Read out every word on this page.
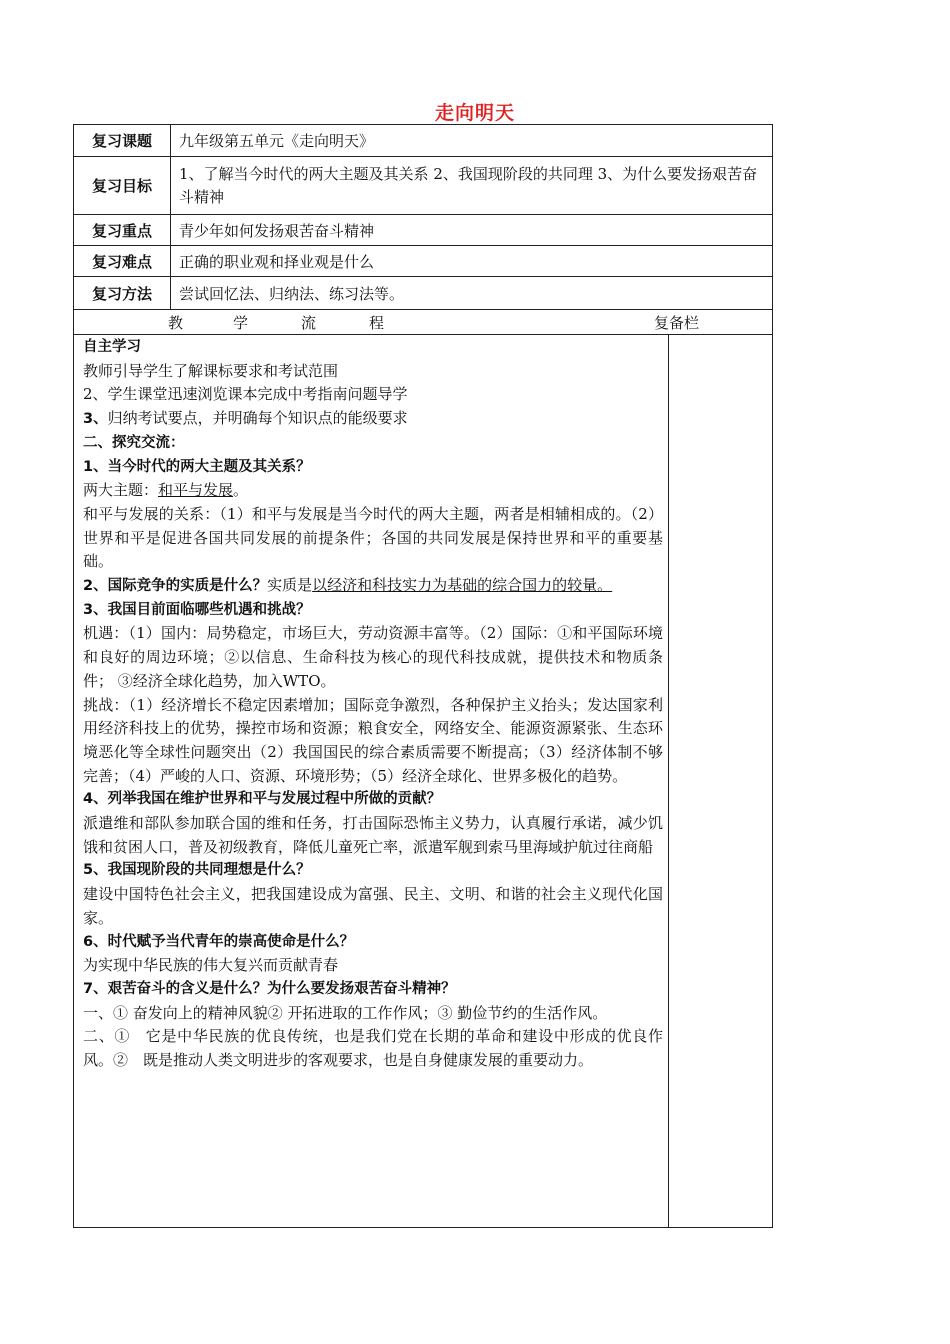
走向明天
复习课题	九年级第五单元《走向明天》
复习目标	1、了解当今时代的两大主题及其关系 2、我国现阶段的共同理 3、为什么要发扬艰苦奋斗精神
复习重点	青少年如何发扬艰苦奋斗精神
复习难点	正确的职业观和择业观是什么
复习方法	尝试回忆法、归纳法、练习法等。
教	学	流	程	复备栏

自主学习

教师引导学生了解课标要求和考试范围

2、学生课堂迅速浏览课本完成中考指南问题导学

3、归纳考试要点，并明确每个知识点的能级要求

二、探究交流：

1、当今时代的两大主题及其关系？

两大主题：和平与发展。

和平与发展的关系：（1）和平与发展是当今时代的两大主题，两者是相辅相成的。（2）世界和平是促进各国共同发展的前提条件；各国的共同发展是保持世界和平的重要基础。

2、国际竞争的实质是什么？实质是以经济和科技实力为基础的综合国力的较量。

3、我国目前面临哪些机遇和挑战？

机遇：（1）国内：局势稳定，市场巨大，劳动资源丰富等。（2）国际：①和平国际环境和良好的周边环境；②以信息、生命科技为核心的现代科技成就，提供技术和物质条件； ③经济全球化趋势，加入WTO。

挑战：（1）经济增长不稳定因素增加；国际竞争激烈，各种保护主义抬头；发达国家利用经济科技上的优势，操控市场和资源；粮食安全，网络安全、能源资源紧张、生态环境恶化等全球性问题突出（2）我国国民的综合素质需要不断提高；（3）经济体制不够完善；（4）严峻的人口、资源、环境形势；（5）经济全球化、世界多极化的趋势。

4、列举我国在维护世界和平与发展过程中所做的贡献？

派遣维和部队参加联合国的维和任务，打击国际恐怖主义势力，认真履行承诺，减少饥饿和贫困人口，普及初级教育，降低儿童死亡率，派遣军舰到索马里海域护航过往商船

5、我国现阶段的共同理想是什么？

建设中国特色社会主义，把我国建设成为富强、民主、文明、和谐的社会主义现代化国家。

6、时代赋予当代青年的崇高使命是什么？

为实现中华民族的伟大复兴而贡献青春

7、艰苦奋斗的含义是什么？为什么要发扬艰苦奋斗精神？

一、① 奋发向上的精神风貌② 开拓进取的工作作风；③ 勤俭节约的生活作风。

二、①　它是中华民族的优良传统，也是我们党在长期的革命和建设中形成的优良作风。②　既是推动人类文明进步的客观要求，也是自身健康发展的重要动力。
